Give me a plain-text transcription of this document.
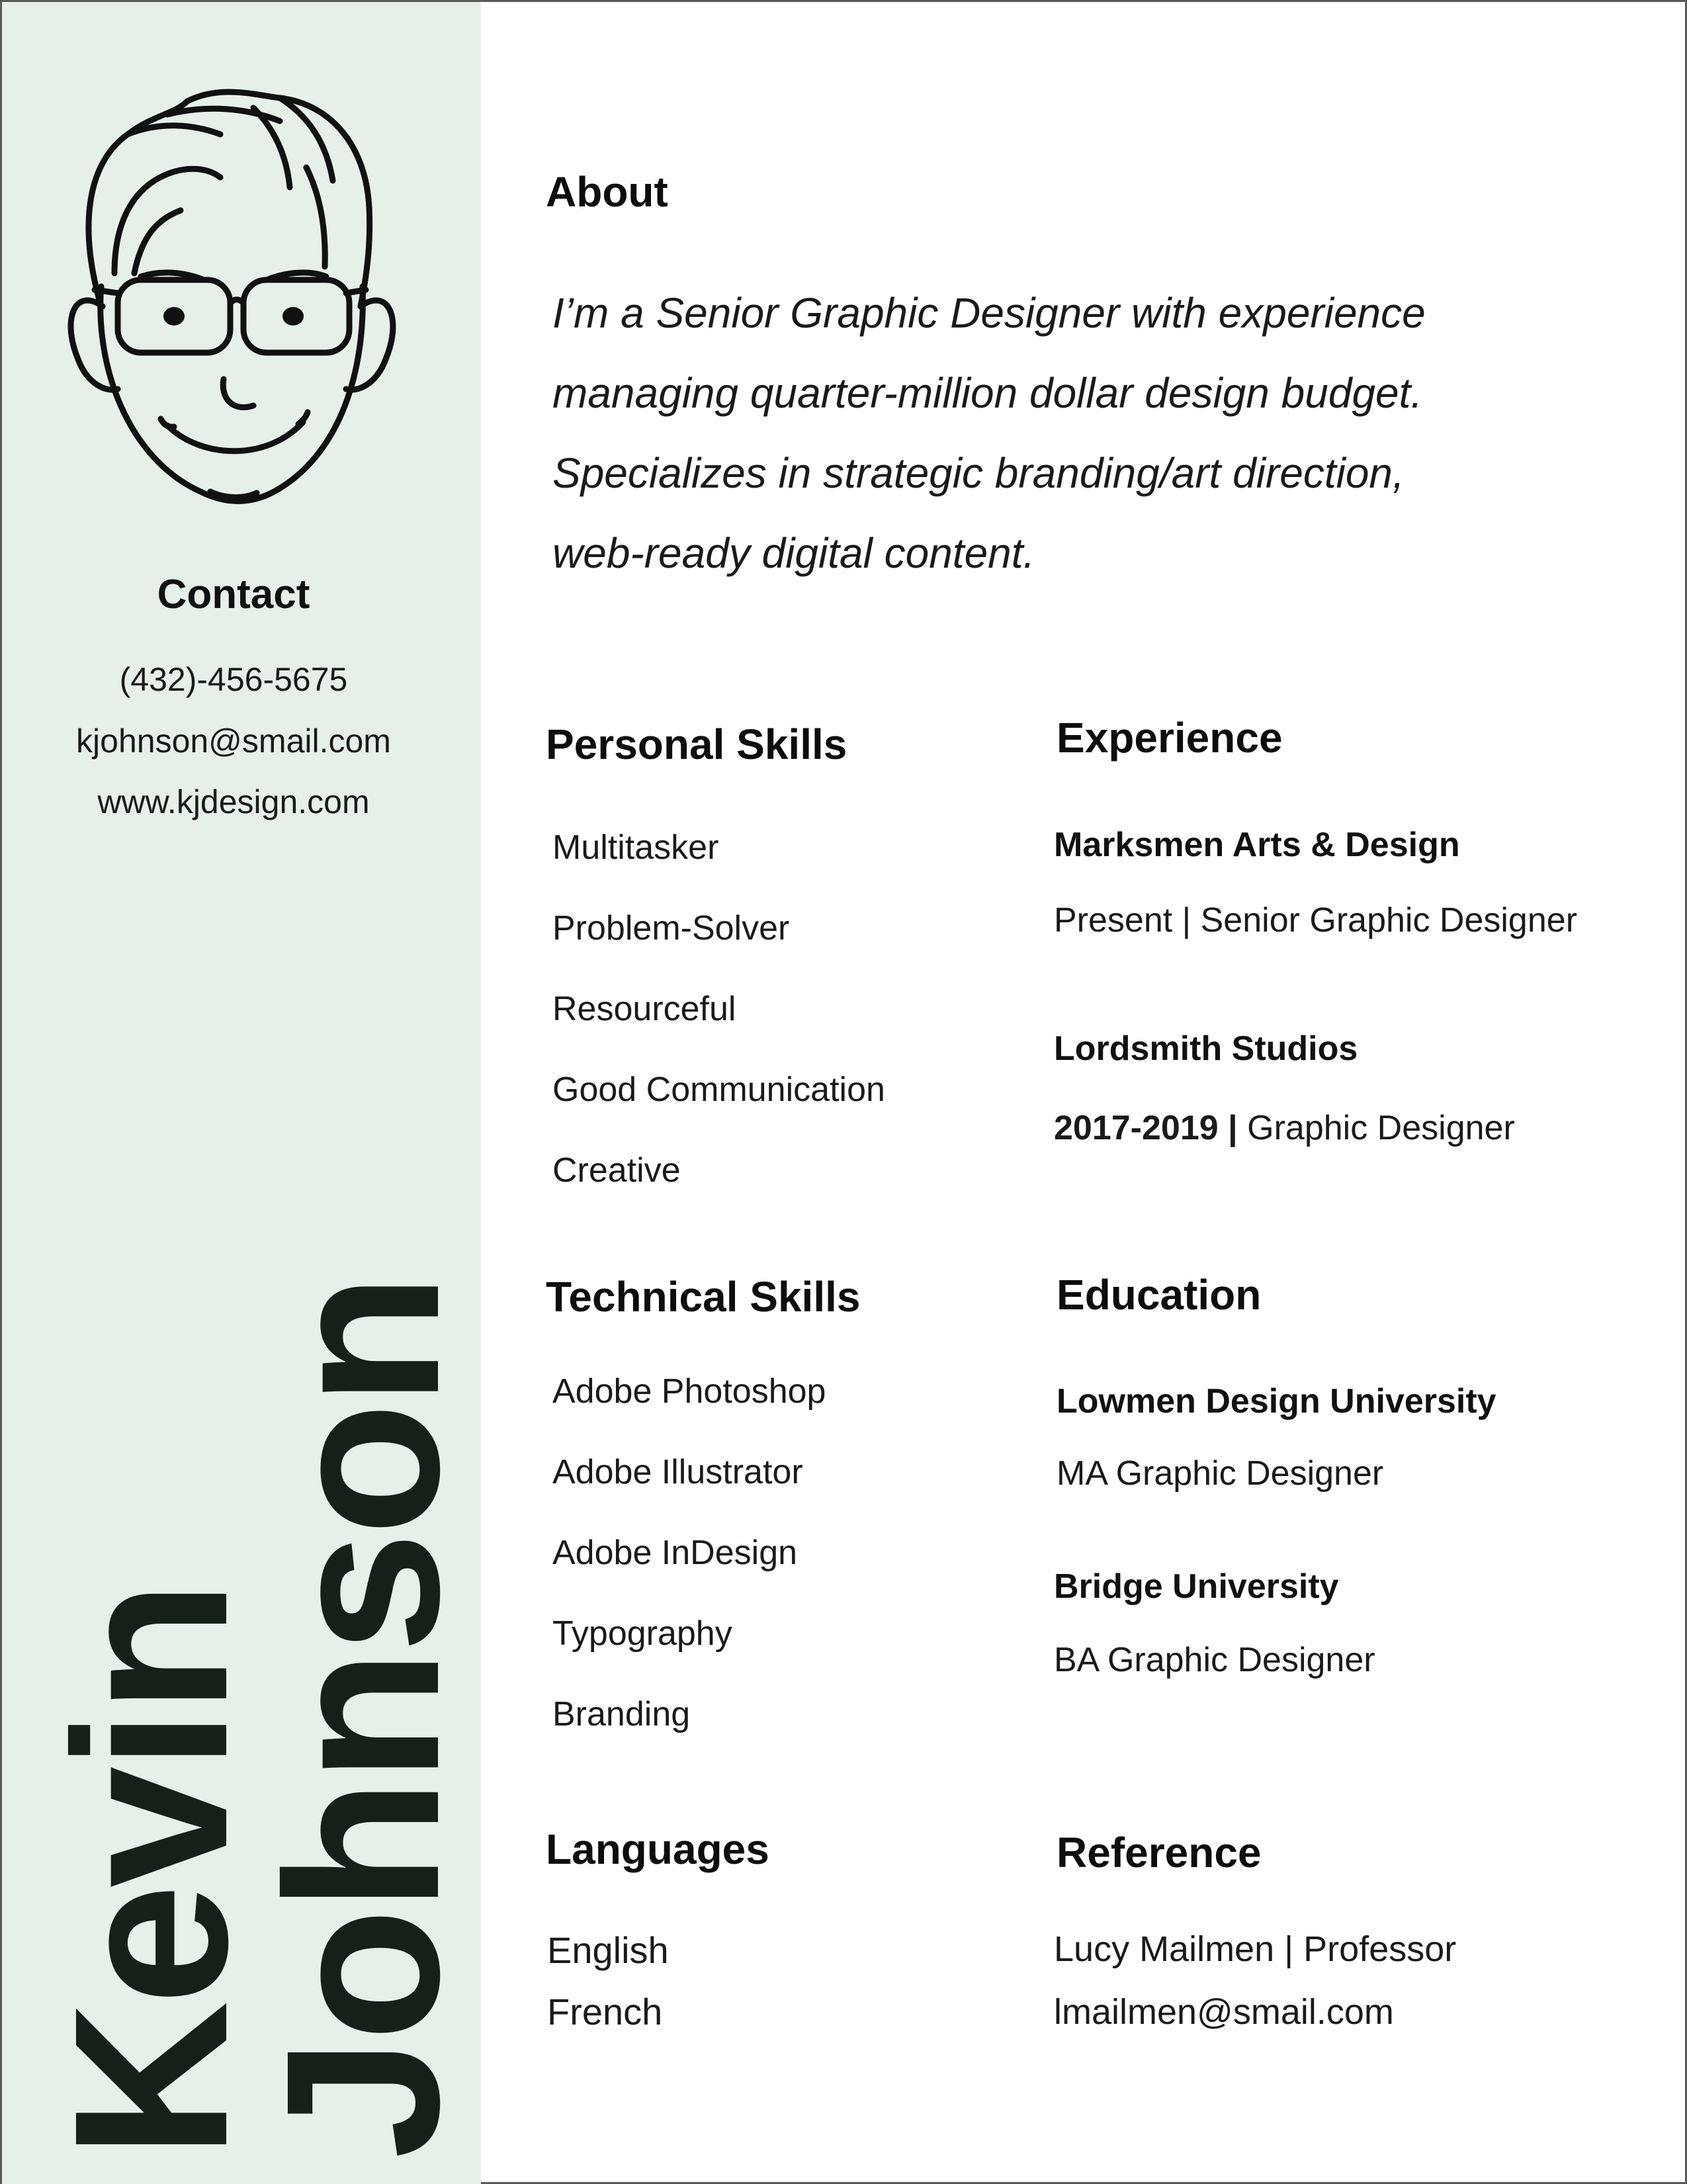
Contact
(432)-456-5675
kjohnson@smail.com
www.kjdesign.com
Kevin
Johnson
About
I’m a Senior Graphic Designer with experience
managing quarter-million dollar design budget.
Specializes in strategic branding/art direction,
web-ready digital content.
Personal Skills
Multitasker
Problem-Solver
Resourceful
Good Communication
Creative
Technical Skills
Adobe Photoshop
Adobe Illustrator
Adobe InDesign
Typography
Branding
Languages
English
French
Experience
Marksmen Arts & Design
Present | Senior Graphic Designer
Lordsmith Studios
2017-2019 | Graphic Designer
Education
Lowmen Design University
MA Graphic Designer
Bridge University
BA Graphic Designer
Reference
Lucy Mailmen | Professor
lmailmen@smail.com
